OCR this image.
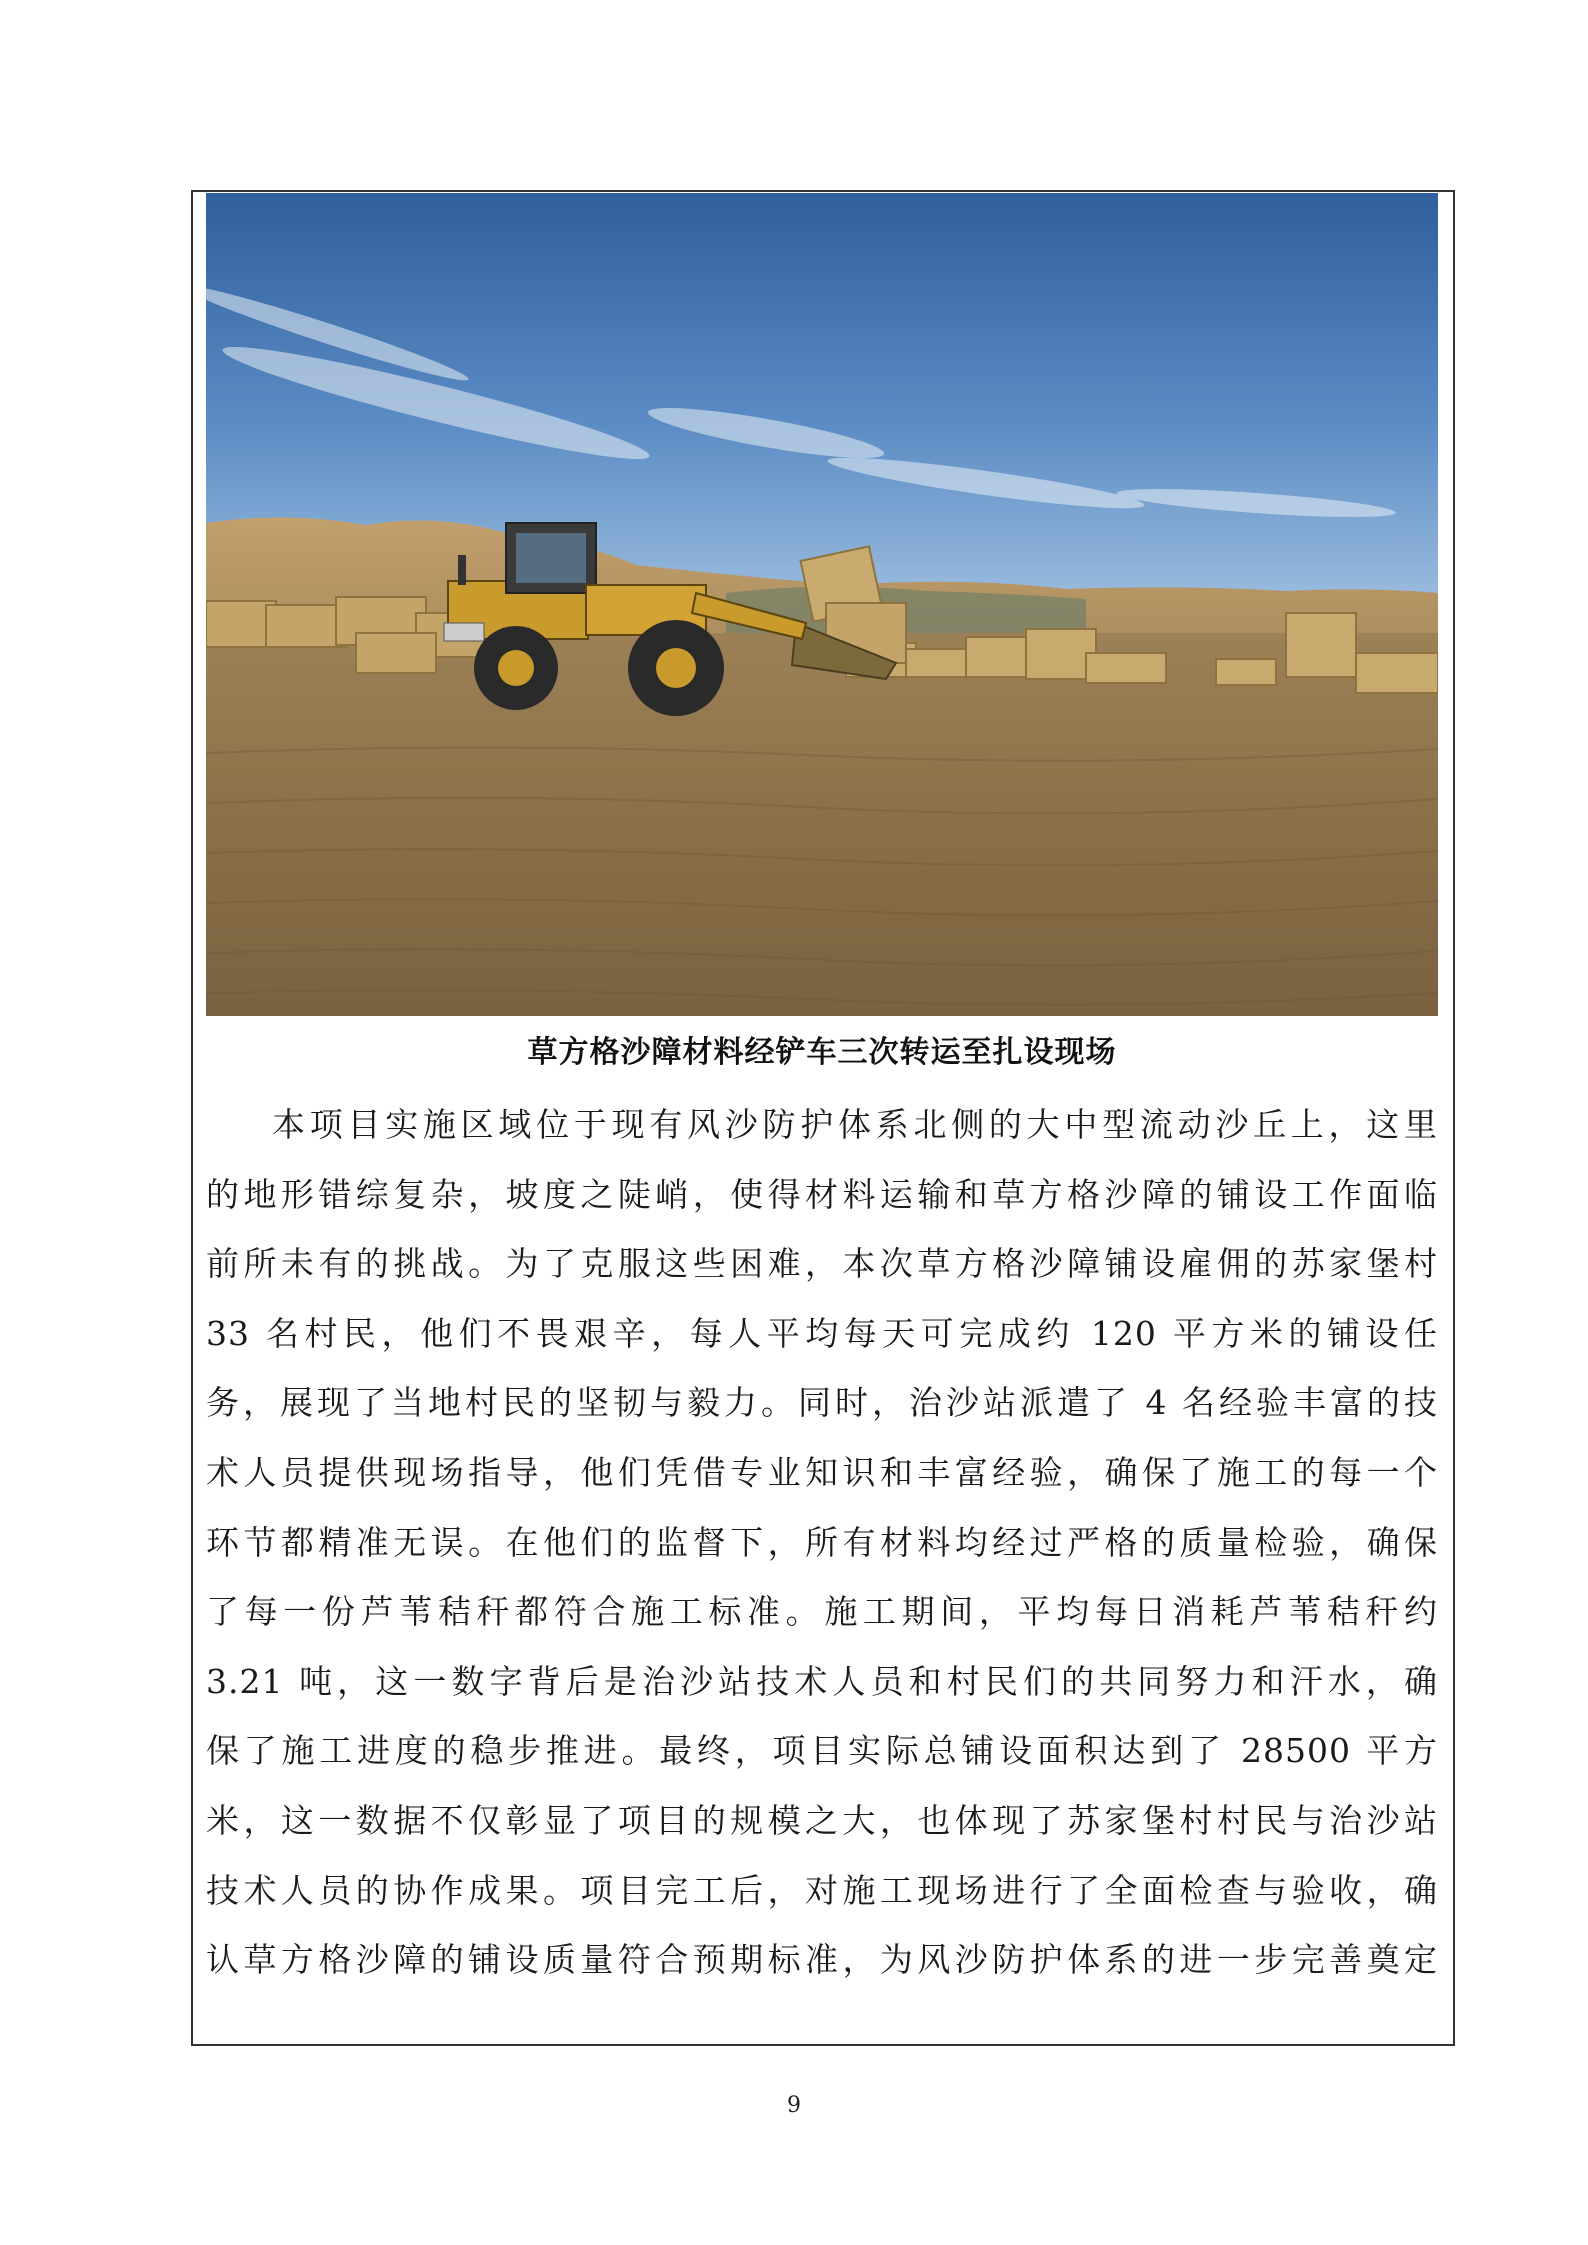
草方格沙障材料经铲车三次转运至扎设现场

本项目实施区域位于现有风沙防护体系北侧的大中型流动沙丘上，这里
的地形错综复杂，坡度之陡峭，使得材料运输和草方格沙障的铺设工作面临
前所未有的挑战。为了克服这些困难，本次草方格沙障铺设雇佣的苏家堡村
33 名村民，他们不畏艰辛，每人平均每天可完成约 120 平方米的铺设任
务，展现了当地村民的坚韧与毅力。同时，治沙站派遣了 4 名经验丰富的技
术人员提供现场指导，他们凭借专业知识和丰富经验，确保了施工的每一个
环节都精准无误。在他们的监督下，所有材料均经过严格的质量检验，确保
了每一份芦苇秸秆都符合施工标准。施工期间，平均每日消耗芦苇秸秆约
3.21 吨，这一数字背后是治沙站技术人员和村民们的共同努力和汗水，确
保了施工进度的稳步推进。最终，项目实际总铺设面积达到了 28500 平方
米，这一数据不仅彰显了项目的规模之大，也体现了苏家堡村村民与治沙站
技术人员的协作成果。项目完工后，对施工现场进行了全面检查与验收，确
认草方格沙障的铺设质量符合预期标准，为风沙防护体系的进一步完善奠定

9
